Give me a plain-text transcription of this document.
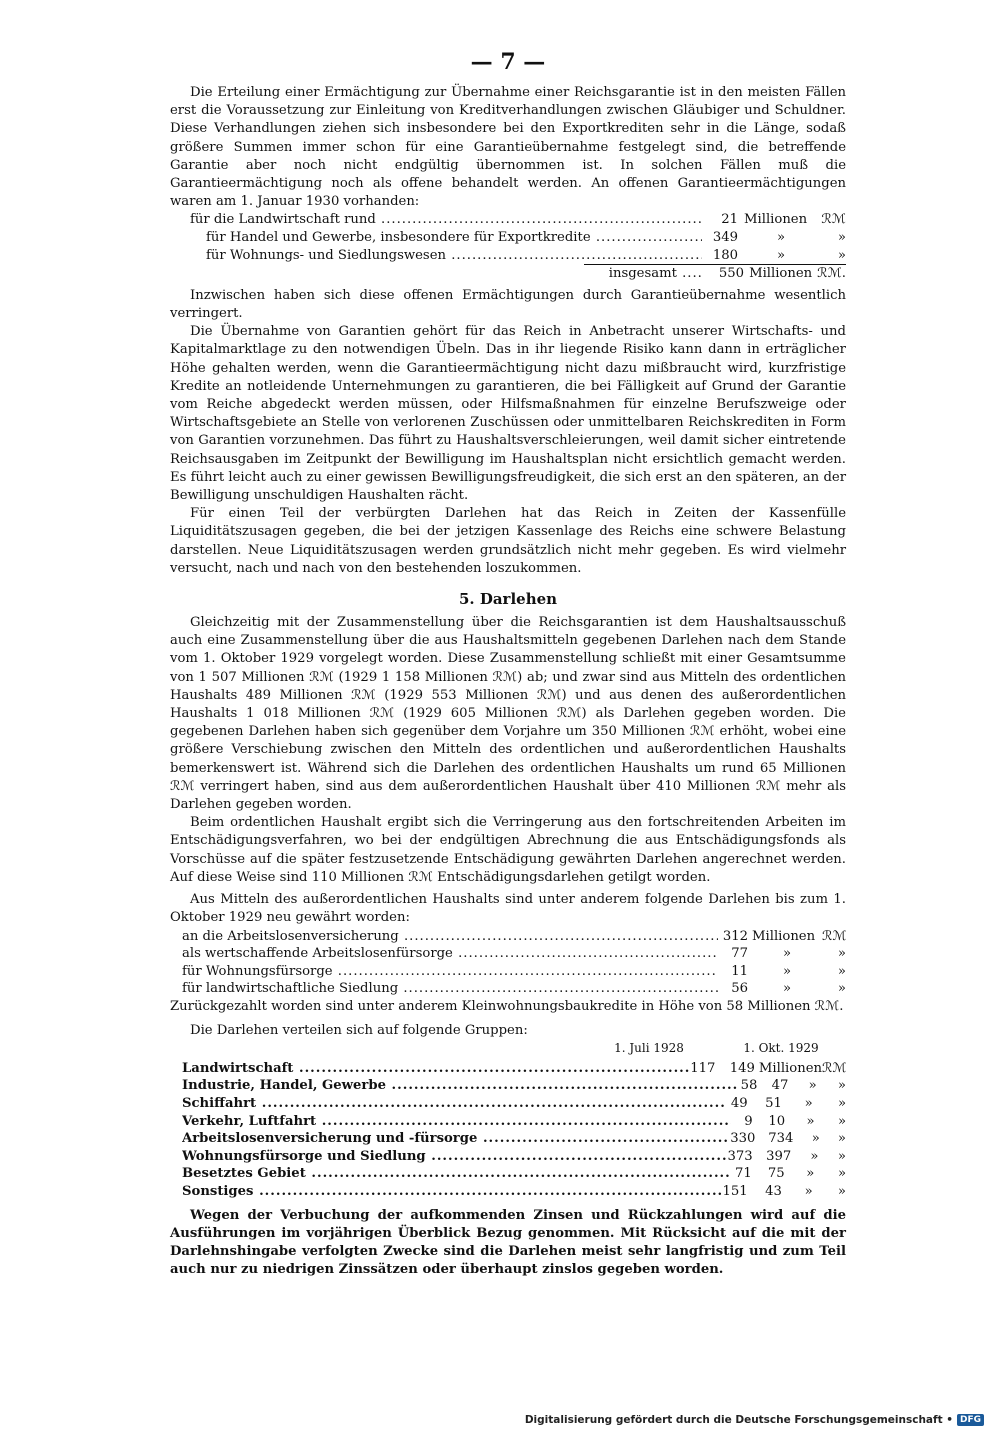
— 7 —

Die Erteilung einer Ermächtigung zur Übernahme einer Reichsgarantie ist in den meisten Fällen erst die Voraussetzung zur Einleitung von Kreditverhandlungen zwischen Gläubiger und Schuldner. Diese Verhandlungen ziehen sich insbesondere bei den Exportkrediten sehr in die Länge, sodaß größere Summen immer schon für eine Garantieübernahme festgelegt sind, die betreffende Garantie aber noch nicht endgültig übernommen ist. In solchen Fällen muß die Garantieermächtigung noch als offene behandelt werden. An offenen Garantieermächtigungen waren am 1. Januar 1930 vorhanden:

für die Landwirtschaft rund .....	21 Millionen	ℛℳ
für Handel und Gewerbe, insbesondere für Exportkredite .....	349	»	»
für Wohnungs- und Siedlungswesen .....	180	»	»
insgesamt .... 550 Millionen ℛℳ.

Inzwischen haben sich diese offenen Ermächtigungen durch Garantieübernahme wesentlich verringert.

Die Übernahme von Garantien gehört für das Reich in Anbetracht unserer Wirtschafts- und Kapitalmarktlage zu den notwendigen Übeln. Das in ihr liegende Risiko kann dann in erträglicher Höhe gehalten werden, wenn die Garantieermächtigung nicht dazu mißbraucht wird, kurzfristige Kredite an notleidende Unternehmungen zu garantieren, die bei Fälligkeit auf Grund der Garantie vom Reiche abgedeckt werden müssen, oder Hilfsmaßnahmen für einzelne Berufszweige oder Wirtschaftsgebiete an Stelle von verlorenen Zuschüssen oder unmittelbaren Reichskrediten in Form von Garantien vorzunehmen. Das führt zu Haushaltsverschleierungen, weil damit sicher eintretende Reichsausgaben im Zeitpunkt der Bewilligung im Haushaltsplan nicht ersichtlich gemacht werden. Es führt leicht auch zu einer gewissen Bewilligungsfreudigkeit, die sich erst an den späteren, an der Bewilligung unschuldigen Haushalten rächt.

Für einen Teil der verbürgten Darlehen hat das Reich in Zeiten der Kassenfülle Liquiditätszusagen gegeben, die bei der jetzigen Kassenlage des Reichs eine schwere Belastung darstellen. Neue Liquiditätszusagen werden grundsätzlich nicht mehr gegeben. Es wird vielmehr versucht, nach und nach von den bestehenden loszukommen.

5. Darlehen

Gleichzeitig mit der Zusammenstellung über die Reichsgarantien ist dem Haushaltsausschuß auch eine Zusammenstellung über die aus Haushaltsmitteln gegebenen Darlehen nach dem Stande vom 1. Oktober 1929 vorgelegt worden. Diese Zusammenstellung schließt mit einer Gesamtsumme von 1 507 Millionen ℛℳ (1929 1 158 Millionen ℛℳ) ab; und zwar sind aus Mitteln des ordentlichen Haushalts 489 Millionen ℛℳ (1929 553 Millionen ℛℳ) und aus denen des außerordentlichen Haushalts 1 018 Millionen ℛℳ (1929 605 Millionen ℛℳ) als Darlehen gegeben worden. Die gegebenen Darlehen haben sich gegenüber dem Vorjahre um 350 Millionen ℛℳ erhöht, wobei eine größere Verschiebung zwischen den Mitteln des ordentlichen und außerordentlichen Haushalts bemerkenswert ist. Während sich die Darlehen des ordentlichen Haushalts um rund 65 Millionen ℛℳ verringert haben, sind aus dem außerordentlichen Haushalt über 410 Millionen ℛℳ mehr als Darlehen gegeben worden.

Beim ordentlichen Haushalt ergibt sich die Verringerung aus den fortschreitenden Arbeiten im Entschädigungsverfahren, wo bei der endgültigen Abrechnung die aus Entschädigungsfonds als Vorschüsse auf die später festzusetzende Entschädigung gewährten Darlehen angerechnet werden. Auf diese Weise sind 110 Millionen ℛℳ Entschädigungsdarlehen getilgt worden.

Aus Mitteln des außerordentlichen Haushalts sind unter anderem folgende Darlehen bis zum 1. Oktober 1929 neu gewährt worden:

an die Arbeitslosenversicherung .....	312 Millionen ℛℳ
als wertschaffende Arbeitslosenfürsorge .....	77	»	»
für Wohnungsfürsorge .....	11	»	»
für landwirtschaftliche Siedlung .....	56	»	»

Zurückgezahlt worden sind unter anderem Kleinwohnungsbaukredite in Höhe von 58 Millionen ℛℳ.

Die Darlehen verteilen sich auf folgende Gruppen:

1. Juli 1928	1. Okt. 1929
Landwirtschaft .....	117 149 Millionen ℛℳ
Industrie, Handel, Gewerbe .....	58 47	»	»
Schiffahrt .....	49 51	»	»
Verkehr, Luftfahrt .....	9 10	»	»
Arbeitslosenversicherung und -fürsorge .....	330 734	»	»
Wohnungsfürsorge und Siedlung .....	373 397	»	»
Besetztes Gebiet .....	71 75	»	»
Sonstiges .....	151 43	»	»

Wegen der Verbuchung der aufkommenden Zinsen und Rückzahlungen wird auf die Ausführungen im vorjährigen Überblick Bezug genommen. Mit Rücksicht auf die mit der Darlehnshingabe verfolgten Zwecke sind die Darlehen meist sehr langfristig und zum Teil auch nur zu niedrigen Zinssätzen oder überhaupt zinslos gegeben worden.

Digitalisierung gefördert durch die Deutsche Forschungsgemeinschaft • DFG
